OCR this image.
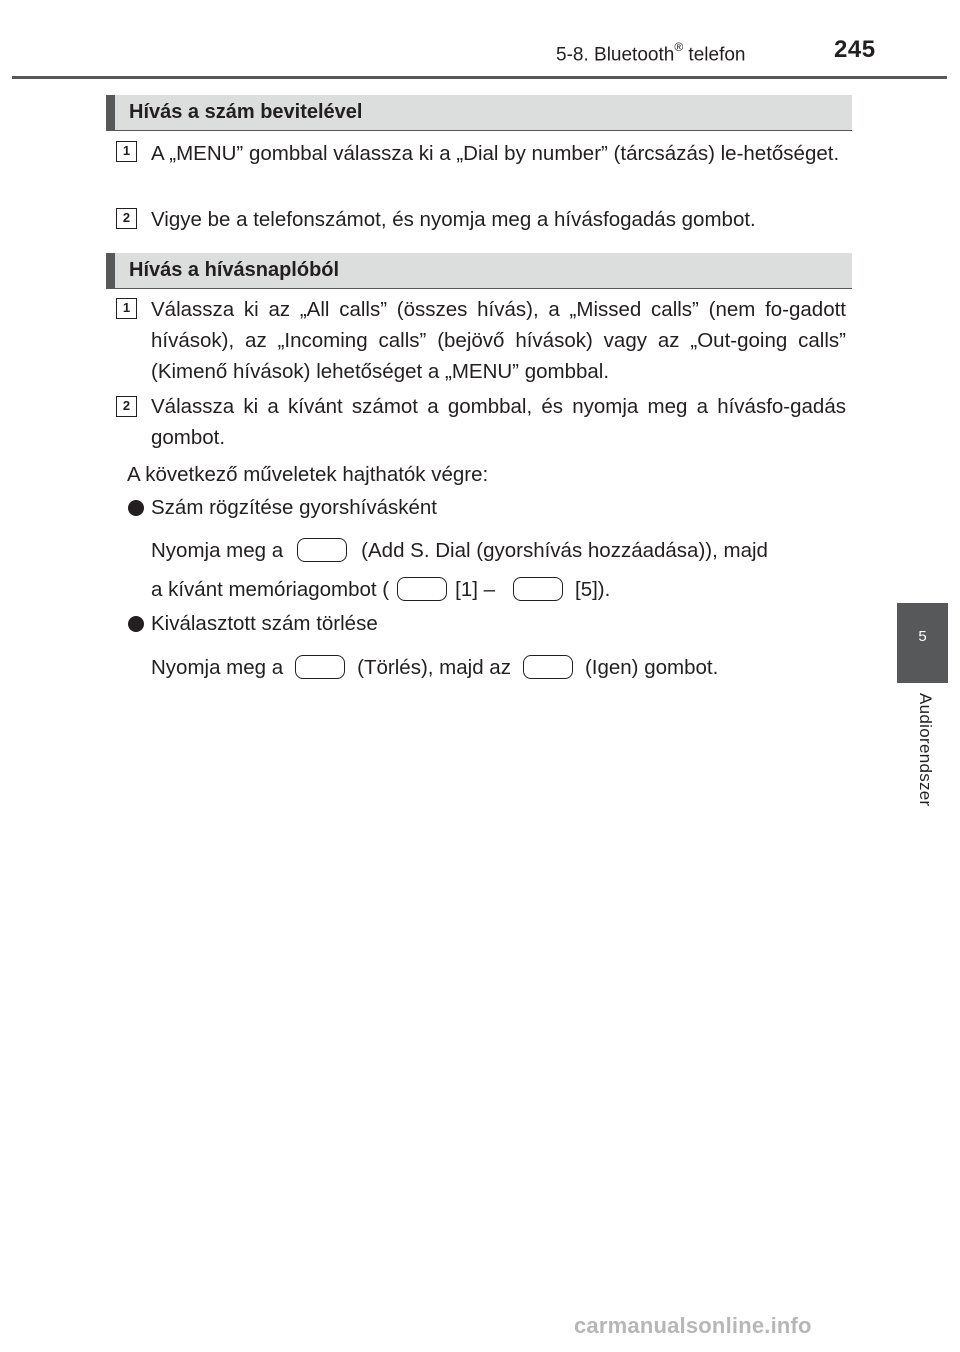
5-8. Bluetooth® telefon	245
5
Audiorendszer
Hívás a szám bevitelével
1	A „MENU” gombbal válassza ki a „Dial by number” (tárcsázás) le-hetőséget.
2	Vigye be a telefonszámot, és nyomja meg a hívásfogadás gombot.
Hívás a hívásnaplóból
1	Válassza ki az „All calls” (összes hívás), a „Missed calls” (nem fo-gadott hívások), az „Incoming calls” (bejövő hívások) vagy az „Out-going calls” (Kimenő hívások) lehetőséget a „MENU” gombbal.
2	Válassza ki a kívánt számot a gombbal, és nyomja meg a hívásfo-gadás gombot.
A következő műveletek hajthatók végre:
Szám rögzítése gyorshívásként
Nyomja meg a	(Add S. Dial (gyorshívás hozzáadása)), majd
a kívánt memóriagombot (	[1] –	[5]).
Kiválasztott szám törlése
Nyomja meg a	(Törlés), majd az	(Igen) gombot.
carmanualsonline.info
